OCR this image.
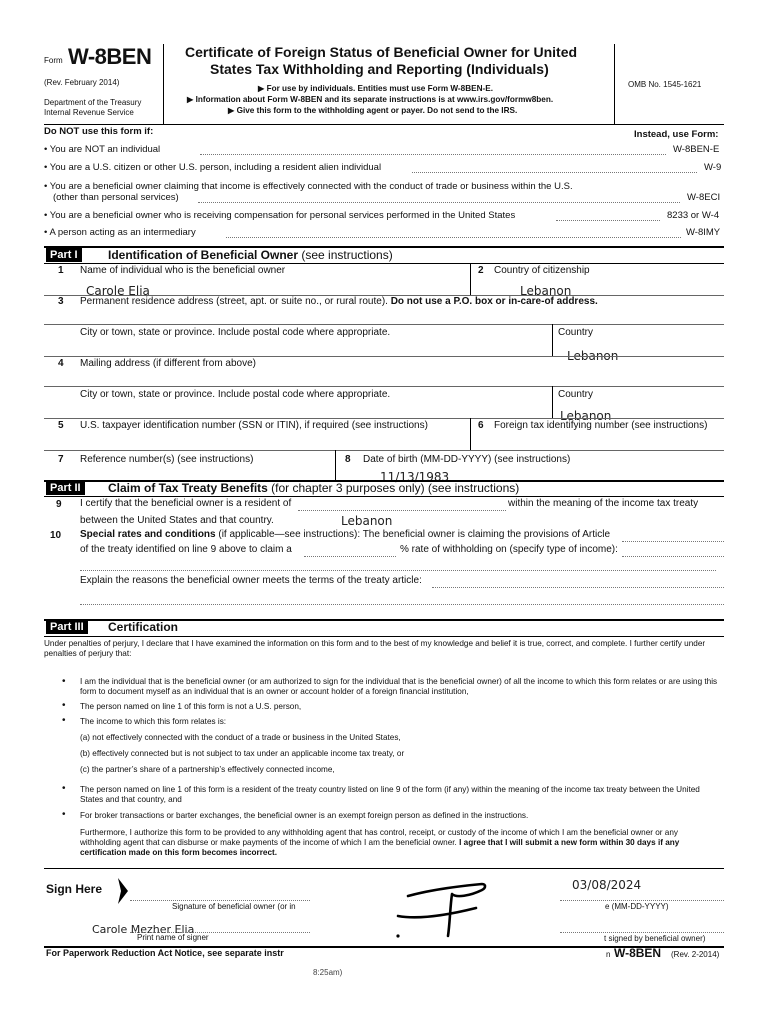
Form W-8BEN
(Rev. February 2014)
Department of the Treasury
Internal Revenue Service
Certificate of Foreign Status of Beneficial Owner for United
States Tax Withholding and Reporting (Individuals)
▶ For use by individuals. Entities must use Form W-8BEN-E.
▶ Information about Form W-8BEN and its separate instructions is at www.irs.gov/formw8ben.
▶ Give this form to the withholding agent or payer. Do not send to the IRS.
OMB No. 1545-1621
Do NOT use this form if:	Instead, use Form:
• You are NOT an individual	W-8BEN-E
• You are a U.S. citizen or other U.S. person, including a resident alien individual	W-9
• You are a beneficial owner claiming that income is effectively connected with the conduct of trade or business within the U.S.
(other than personal services)	W-8ECI
• You are a beneficial owner who is receiving compensation for personal services performed in the United States	8233 or W-4
• A person acting as an intermediary	W-8IMY
Part I	Identification of Beneficial Owner (see instructions)
1 Name of individual who is the beneficial owner
Carole Elia
2 Country of citizenship
Lebanon
3 Permanent residence address (street, apt. or suite no., or rural route). Do not use a P.O. box or in-care-of address.
City or town, state or province. Include postal code where appropriate.	Country
Lebanon
4 Mailing address (if different from above)
City or town, state or province. Include postal code where appropriate.	Country
Lebanon
5 U.S. taxpayer identification number (SSN or ITIN), if required (see instructions)	6 Foreign tax identifying number (see instructions)
7 Reference number(s) (see instructions)	8 Date of birth (MM-DD-YYYY) (see instructions)
11/13/1983
Part II	Claim of Tax Treaty Benefits (for chapter 3 purposes only) (see instructions)
9 I certify that the beneficial owner is a resident of	within the meaning of the income tax treaty
between the United States and that country.	Lebanon
10 Special rates and conditions (if applicable—see instructions): The beneficial owner is claiming the provisions of Article
of the treaty identified on line 9 above to claim a	% rate of withholding on (specify type of income):
Explain the reasons the beneficial owner meets the terms of the treaty article:
Part III	Certification
Under penalties of perjury, I declare that I have examined the information on this form and to the best of my knowledge and belief it is true, correct, and complete. I further certify under penalties of perjury that:
• I am the individual that is the beneficial owner (or am authorized to sign for the individual that is the beneficial owner) of all the income to which this form relates or are using this form to document myself as an individual that is an owner or account holder of a foreign financial institution,
• The person named on line 1 of this form is not a U.S. person,
• The income to which this form relates is:
(a) not effectively connected with the conduct of a trade or business in the United States,
(b) effectively connected but is not subject to tax under an applicable income tax treaty, or
(c) the partner’s share of a partnership’s effectively connected income,
• The person named on line 1 of this form is a resident of the treaty country listed on line 9 of the form (if any) within the meaning of the income tax treaty between the United States and that country, and
• For broker transactions or barter exchanges, the beneficial owner is an exempt foreign person as defined in the instructions.
Furthermore, I authorize this form to be provided to any withholding agent that has control, receipt, or custody of the income of which I am the beneficial owner or any withholding agent that can disburse or make payments of the income of which I am the beneficial owner. I agree that I will submit a new form within 30 days if any certification made on this form becomes incorrect.
Sign Here	03/08/2024
Signature of beneficial owner (or in	e (MM-DD-YYYY)
Carole Mezher Elia
Print name of signer	t signed by beneficial owner)
For Paperwork Reduction Act Notice, see separate instr	n W-8BEN (Rev. 2-2014)
8:25am)
